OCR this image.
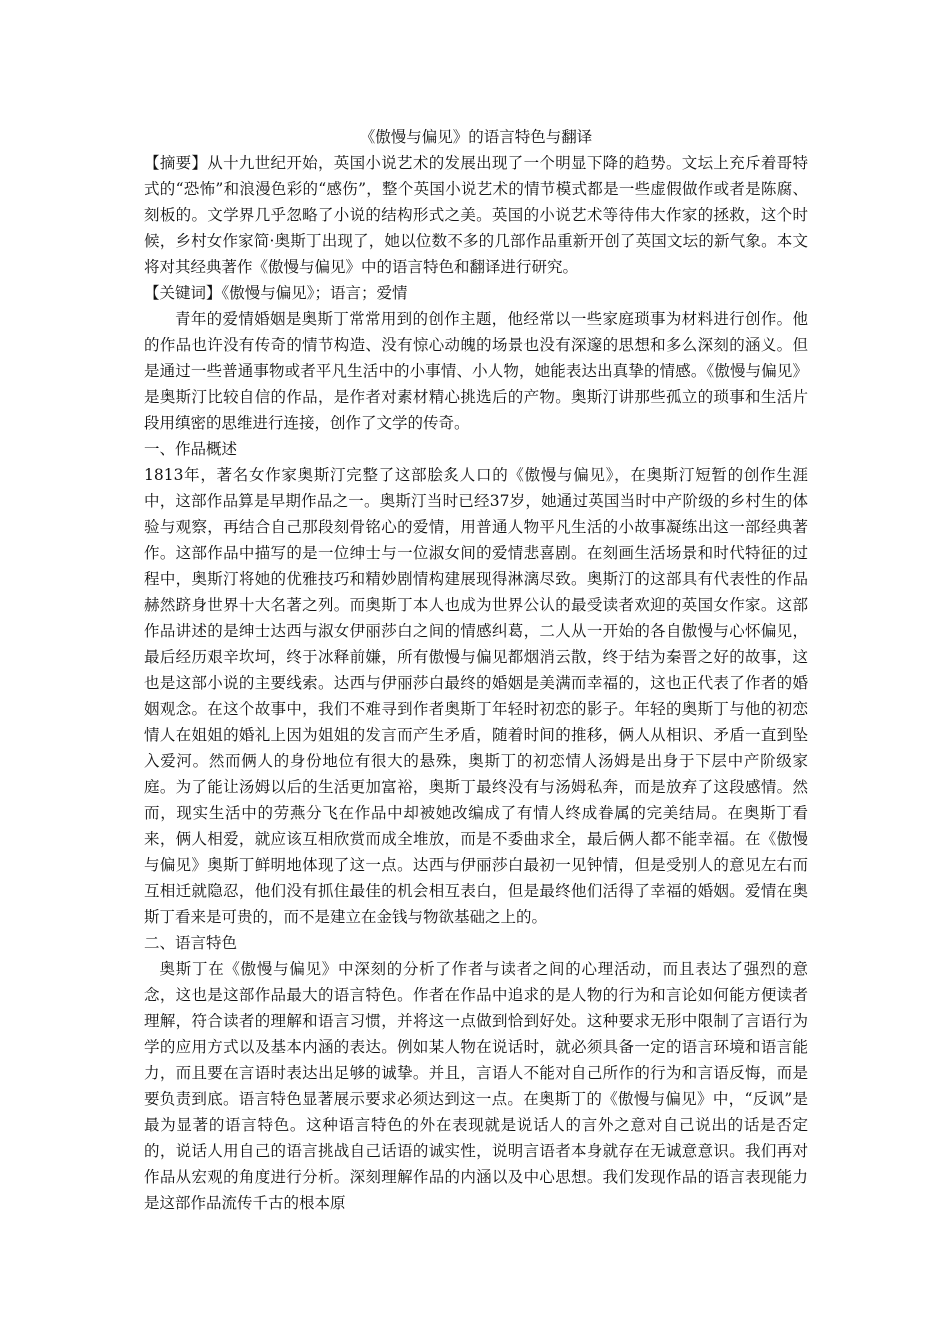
《傲慢与偏见》的语言特色与翻译

【摘要】从十九世纪开始，英国小说艺术的发展出现了一个明显下降的趋势。文坛上充斥着哥特式的“恐怖”和浪漫色彩的“感伤”，整个英国小说艺术的情节模式都是一些虚假做作或者是陈腐、刻板的。文学界几乎忽略了小说的结构形式之美。英国的小说艺术等待伟大作家的拯救，这个时候，乡村女作家简·奥斯丁出现了，她以位数不多的几部作品重新开创了英国文坛的新气象。本文将对其经典著作《傲慢与偏见》中的语言特色和翻译进行研究。

【关键词】《傲慢与偏见》；语言；爱情

青年的爱情婚姻是奥斯丁常常用到的创作主题，他经常以一些家庭琐事为材料进行创作。他的作品也许没有传奇的情节构造、没有惊心动魄的场景也没有深邃的思想和多么深刻的涵义。但是通过一些普通事物或者平凡生活中的小事情、小人物，她能表达出真挚的情感。《傲慢与偏见》是奥斯汀比较自信的作品，是作者对素材精心挑选后的产物。奥斯汀讲那些孤立的琐事和生活片段用缜密的思维进行连接，创作了文学的传奇。

一、作品概述

1813年，著名女作家奥斯汀完整了这部脍炙人口的《傲慢与偏见》，在奥斯汀短暂的创作生涯中，这部作品算是早期作品之一。奥斯汀当时已经37岁，她通过英国当时中产阶级的乡村生的体验与观察，再结合自己那段刻骨铭心的爱情，用普通人物平凡生活的小故事凝练出这一部经典著作。这部作品中描写的是一位绅士与一位淑女间的爱情悲喜剧。在刻画生活场景和时代特征的过程中，奥斯汀将她的优雅技巧和精妙剧情构建展现得淋漓尽致。奥斯汀的这部具有代表性的作品赫然跻身世界十大名著之列。而奥斯丁本人也成为世界公认的最受读者欢迎的英国女作家。这部作品讲述的是绅士达西与淑女伊丽莎白之间的情感纠葛，二人从一开始的各自傲慢与心怀偏见，最后经历艰辛坎坷，终于冰释前嫌，所有傲慢与偏见都烟消云散，终于结为秦晋之好的故事，这也是这部小说的主要线索。达西与伊丽莎白最终的婚姻是美满而幸福的，这也正代表了作者的婚姻观念。在这个故事中，我们不难寻到作者奥斯丁年轻时初恋的影子。年轻的奥斯丁与他的初恋情人在姐姐的婚礼上因为姐姐的发言而产生矛盾，随着时间的推移，俩人从相识、矛盾一直到坠入爱河。然而俩人的身份地位有很大的悬殊，奥斯丁的初恋情人汤姆是出身于下层中产阶级家庭。为了能让汤姆以后的生活更加富裕，奥斯丁最终没有与汤姆私奔，而是放弃了这段感情。然而，现实生活中的劳燕分飞在作品中却被她改编成了有情人终成眷属的完美结局。在奥斯丁看来，俩人相爱，就应该互相欣赏而成全堆放，而是不委曲求全，最后俩人都不能幸福。在《傲慢与偏见》奥斯丁鲜明地体现了这一点。达西与伊丽莎白最初一见钟情，但是受别人的意见左右而互相迁就隐忍，他们没有抓住最佳的机会相互表白，但是最终他们活得了幸福的婚姻。爱情在奥斯丁看来是可贵的，而不是建立在金钱与物欲基础之上的。

二、语言特色

奥斯丁在《傲慢与偏见》中深刻的分析了作者与读者之间的心理活动，而且表达了强烈的意念，这也是这部作品最大的语言特色。作者在作品中追求的是人物的行为和言论如何能方便读者理解，符合读者的理解和语言习惯，并将这一点做到恰到好处。这种要求无形中限制了言语行为学的应用方式以及基本内涵的表达。例如某人物在说话时，就必须具备一定的语言环境和语言能力，而且要在言语时表达出足够的诚挚。并且，言语人不能对自己所作的行为和言语反悔，而是要负责到底。语言特色显著展示要求必须达到这一点。在奥斯丁的《傲慢与偏见》中，“反讽”是最为显著的语言特色。这种语言特色的外在表现就是说话人的言外之意对自己说出的话是否定的，说话人用自己的语言挑战自己话语的诚实性，说明言语者本身就存在无诚意意识。我们再对作品从宏观的角度进行分析。深刻理解作品的内涵以及中心思想。我们发现作品的语言表现能力是这部作品流传千古的根本原
